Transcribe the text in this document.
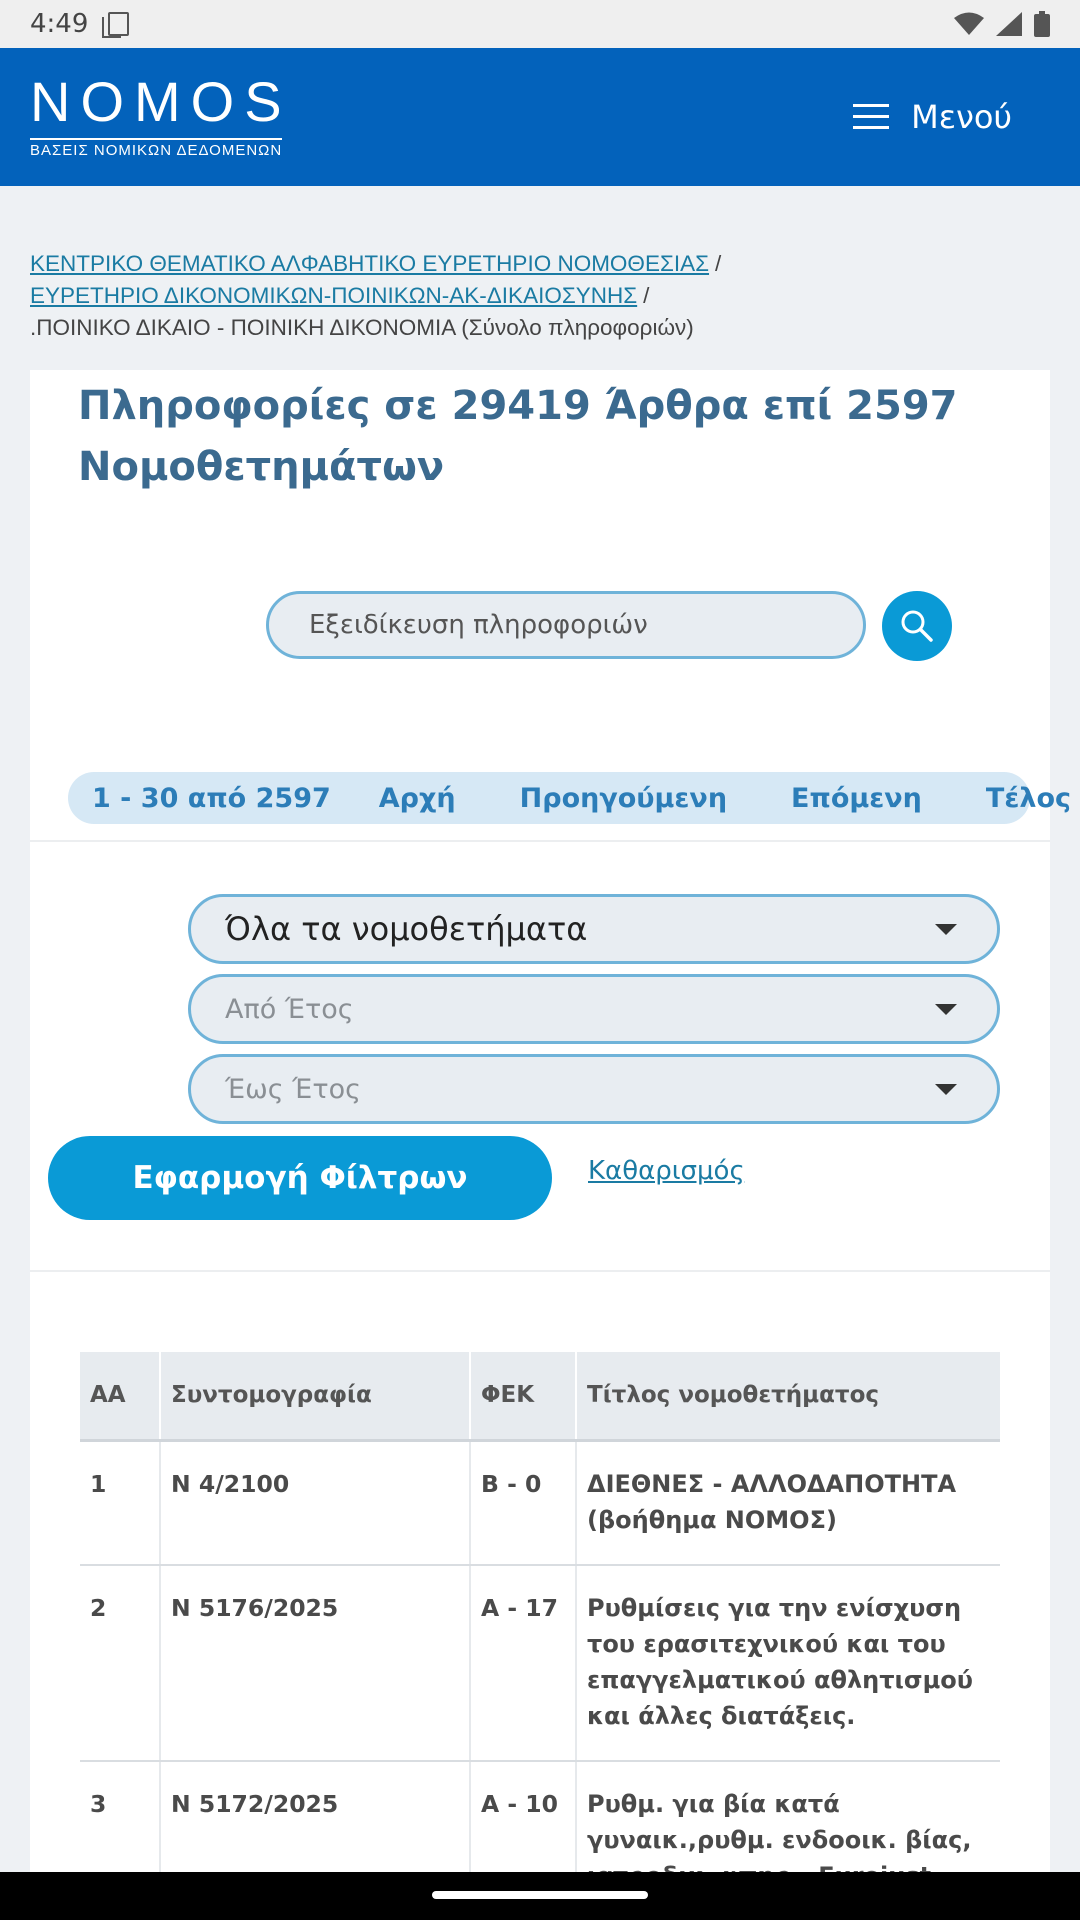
4:49
NOMOS
ΒΑΣΕΙΣ ΝΟΜΙΚΩΝ ΔΕΔΟΜΕΝΩΝ
Μενού
ΚΕΝΤΡΙΚΟ ΘΕΜΑΤΙΚΟ ΑΛΦΑΒΗΤΙΚΟ ΕΥΡΕΤΗΡΙΟ ΝΟΜΟΘΕΣΙΑΣ /
ΕΥΡΕΤΗΡΙΟ ΔΙΚΟΝΟΜΙΚΩΝ-ΠΟΙΝΙΚΩΝ-ΑΚ-ΔΙΚΑΙΟΣΥΝΗΣ /
.ΠΟΙΝΙΚΟ ΔΙΚΑΙΟ - ΠΟΙΝΙΚΗ ΔΙΚΟΝΟΜΙΑ (Σύνολο πληροφοριών)
Πληροφορίες σε 29419 Άρθρα επί 2597 Νομοθετημάτων
Εξειδίκευση πληροφοριών
1 - 30 από 2597 Αρχή Προηγούμενη Επόμενη Τέλος
Όλα τα νομοθετήματα
Από Έτος
Έως Έτος
Εφαρμογή Φίλτρων	Καθαρισμός
ΑΑ	Συντομογραφία	ΦΕΚ	Τίτλος νομοθετήματος
1	Ν 4/2100	Β - 0	ΔΙΕΘΝΕΣ - ΑΛΛΟΔΑΠΟΤΗΤΑ (βοήθημα ΝΟΜΟΣ)
2	Ν 5176/2025	Α - 17	Ρυθμίσεις για την ενίσχυση του ερασιτεχνικού και του επαγγελματικού αθλητισμού και άλλες διατάξεις.
3	Ν 5172/2025	Α - 10	Ρυθμ. για βία κατά γυναικ.,ρυθμ. ενδοοικ. βίας,
